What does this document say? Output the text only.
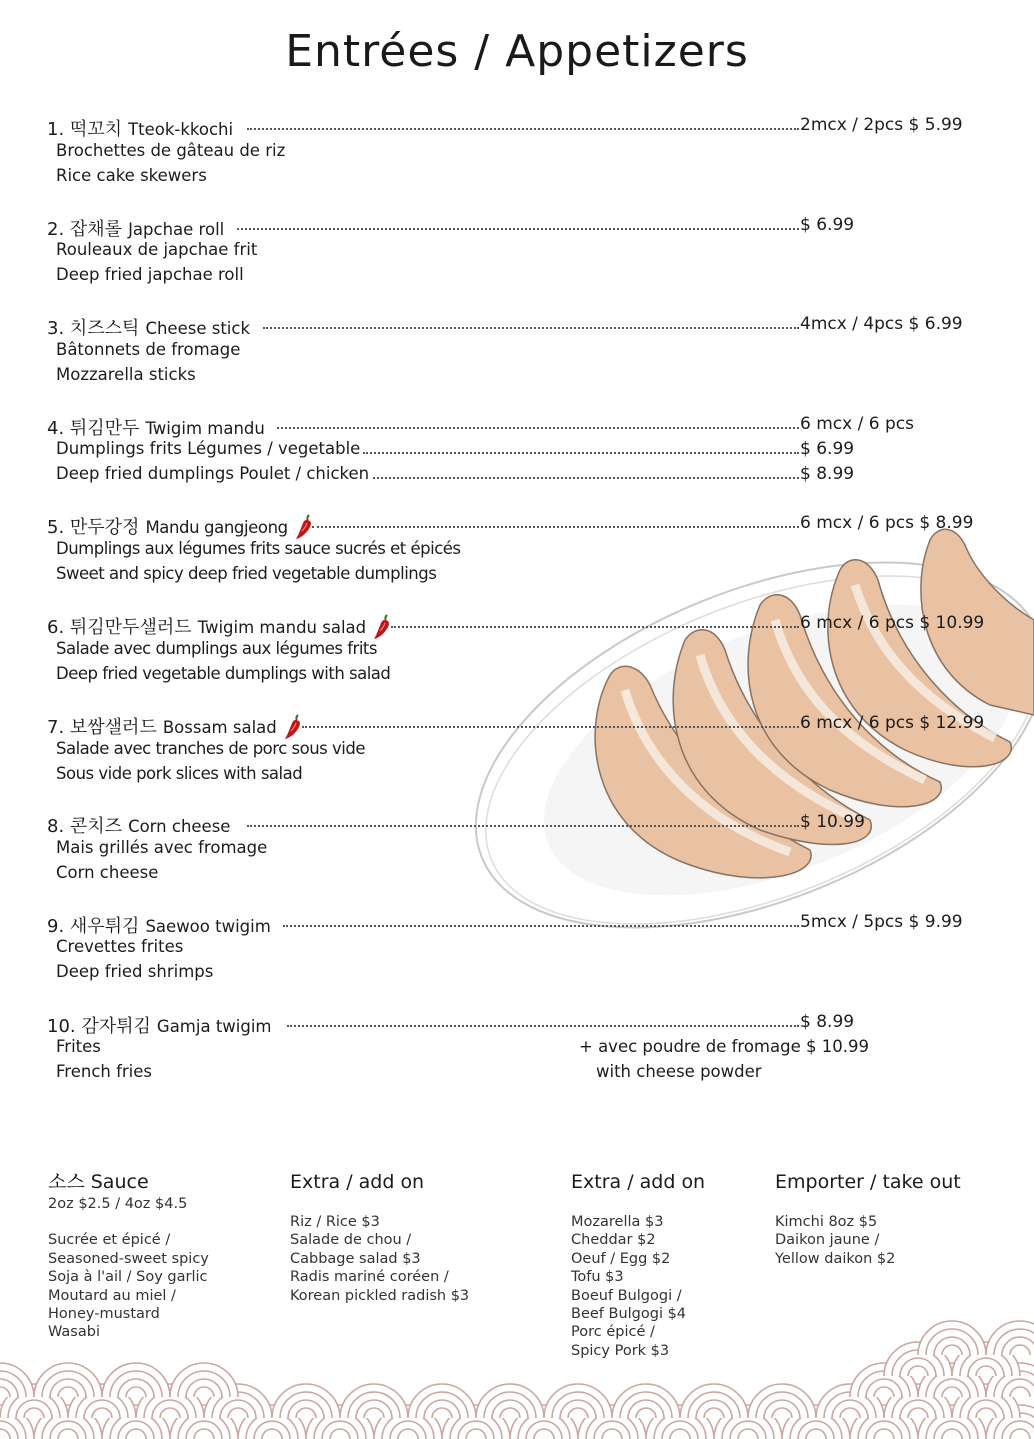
Entrées / Appetizers
1. 떡꼬치 Tteok-kkochi	2mcx / 2pcs $ 5.99
Brochettes de gâteau de riz
Rice cake skewers
2. 잡채롤 Japchae roll	$ 6.99
Rouleaux de japchae frit
Deep fried japchae roll
3. 치즈스틱 Cheese stick	4mcx / 4pcs $ 6.99
Bâtonnets de fromage
Mozzarella sticks
4. 튀김만두 Twigim mandu	6 mcx / 6 pcs
Dumplings frits Légumes / vegetable	$ 6.99
Deep fried dumplings Poulet / chicken	$ 8.99
5. 만두강정 Mandu gangjeong	6 mcx / 6 pcs $ 8.99
Dumplings aux légumes frits sauce sucrés et épicés
Sweet and spicy deep fried vegetable dumplings
6. 튀김만두샐러드 Twigim mandu salad	6 mcx / 6 pcs $ 10.99
Salade avec dumplings aux légumes frits
Deep fried vegetable dumplings with salad
7. 보쌈샐러드 Bossam salad	6 mcx / 6 pcs $ 12.99
Salade avec tranches de porc sous vide
Sous vide pork slices with salad
8. 콘치즈 Corn cheese	$ 10.99
Mais grillés avec fromage
Corn cheese
9. 새우튀김 Saewoo twigim	5mcx / 5pcs $ 9.99
Crevettes frites
Deep fried shrimps
10. 감자튀김 Gamja twigim	$ 8.99
Frites
French fries
+ avec poudre de fromage $ 10.99
with cheese powder
소스 Sauce
2oz $2.5 / 4oz $4.5
Sucrée et épicé /
Seasoned-sweet spicy
Soja à l'ail / Soy garlic
Moutard au miel /
Honey-mustard
Wasabi
Extra / add on
Riz / Rice $3
Salade de chou /
Cabbage salad $3
Radis mariné coréen /
Korean pickled radish $3
Extra / add on
Mozarella $3
Cheddar $2
Oeuf / Egg $2
Tofu $3
Boeuf Bulgogi /
Beef Bulgogi $4
Porc épicé /
Spicy Pork $3
Emporter / take out
Kimchi 8oz $5
Daikon jaune /
Yellow daikon $2
